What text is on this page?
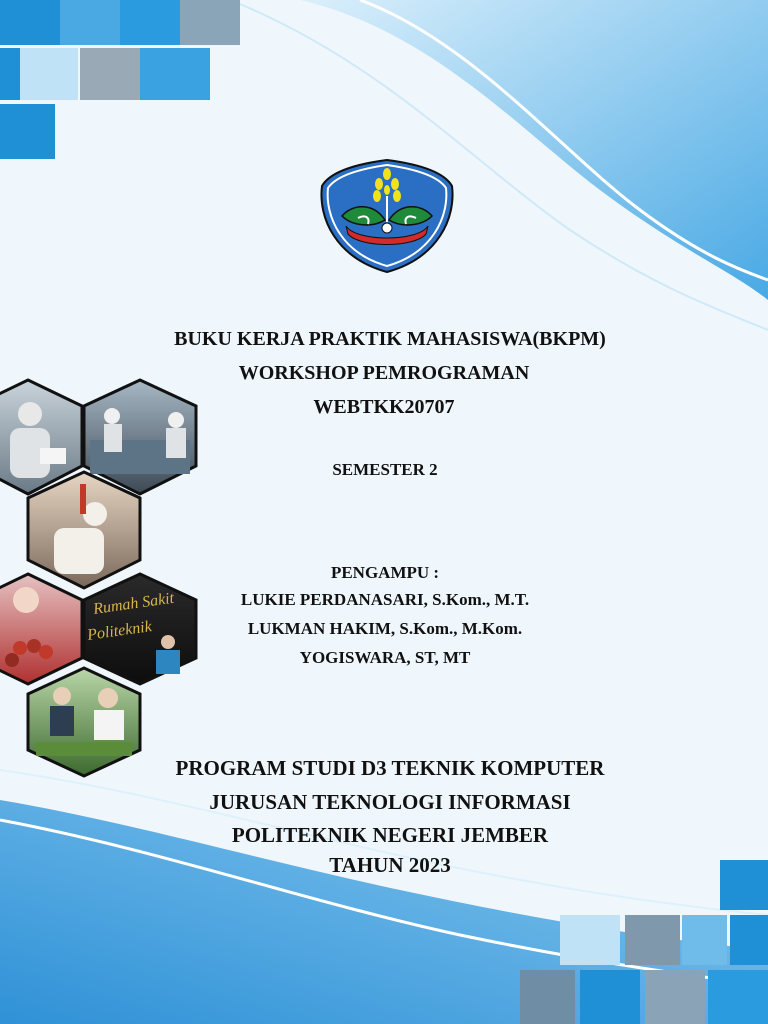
Rumah Sakit
Politeknik
BUKU KERJA PRAKTIK MAHASISWA(BKPM)
WORKSHOP PEMROGRAMAN
WEBTKK20707
SEMESTER 2
PENGAMPU :
LUKIE PERDANASARI, S.Kom., M.T.
LUKMAN HAKIM, S.Kom., M.Kom.
YOGISWARA, ST, MT
PROGRAM STUDI D3 TEKNIK KOMPUTER
JURUSAN TEKNOLOGI INFORMASI
POLITEKNIK NEGERI JEMBER
TAHUN 2023
